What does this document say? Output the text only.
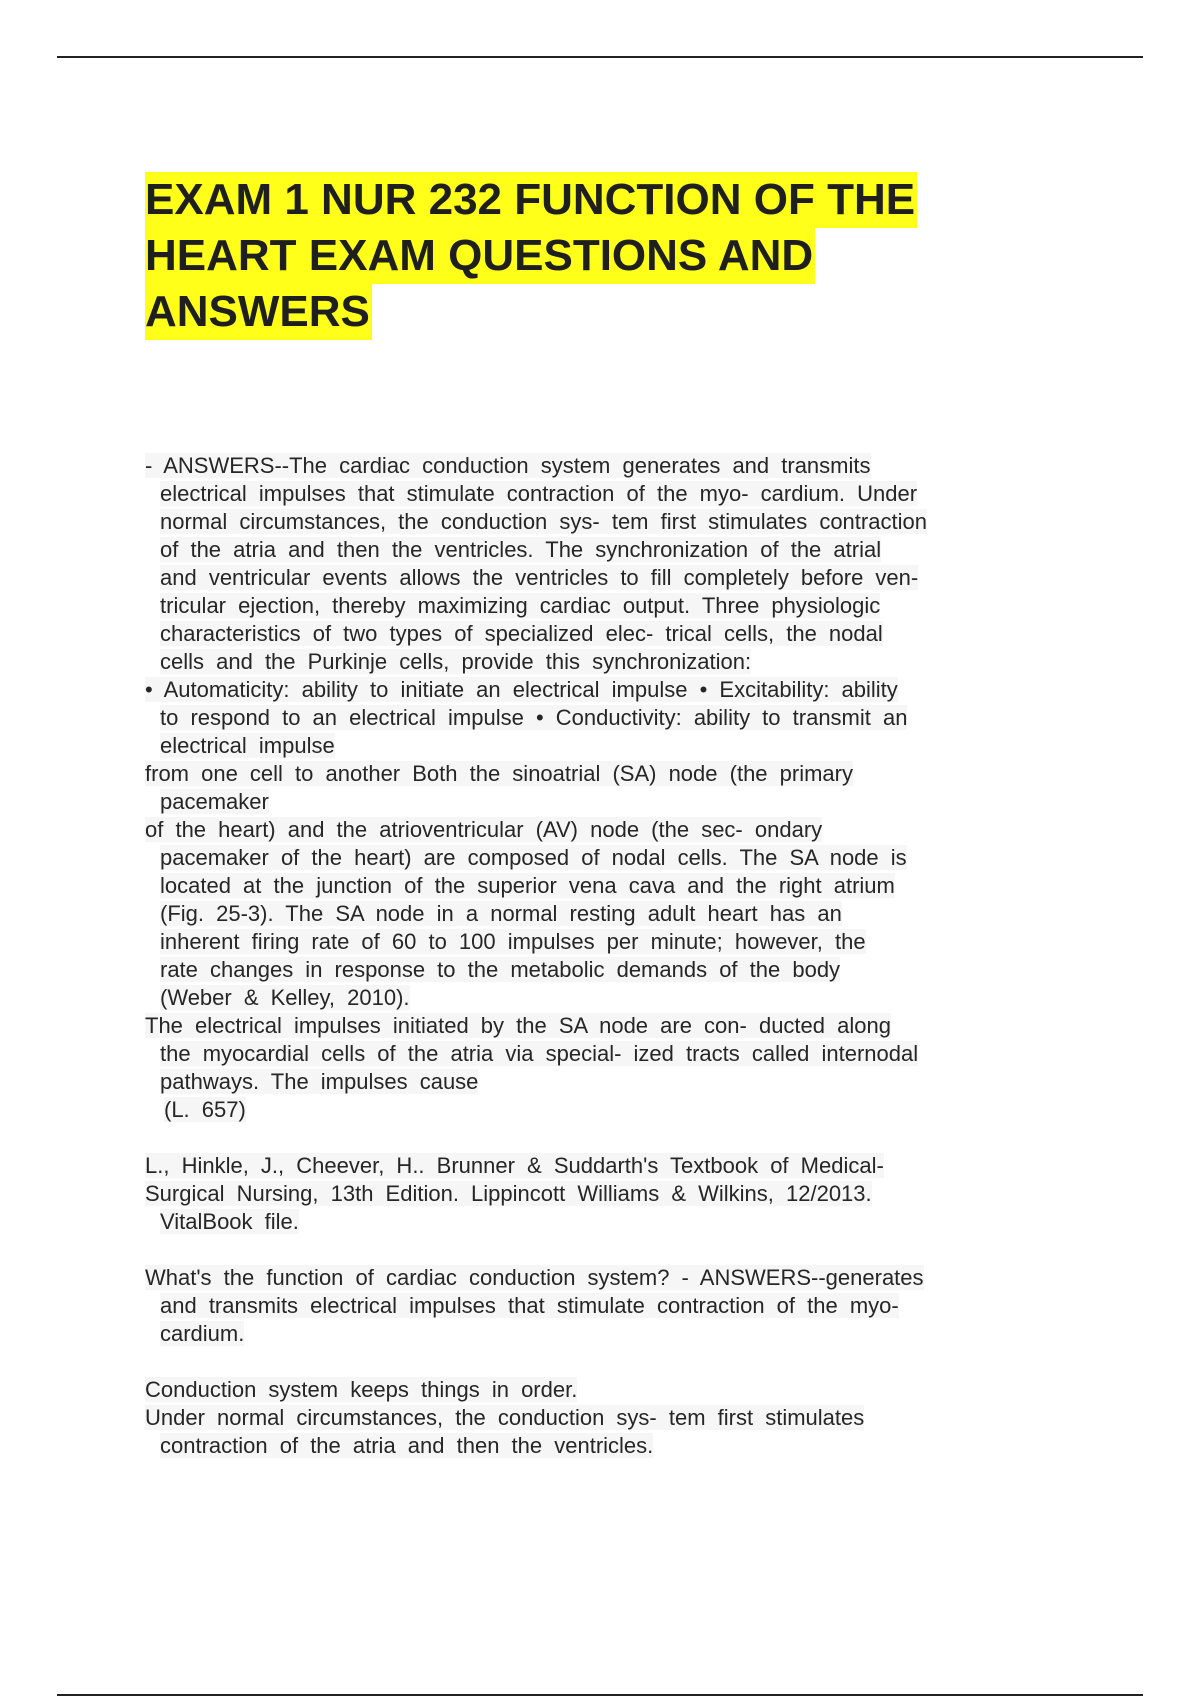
EXAM 1 NUR 232 FUNCTION OF THE
HEART EXAM QUESTIONS AND
ANSWERS
- ANSWERS--The cardiac conduction system generates and transmits
electrical impulses that stimulate contraction of the myo- cardium. Under
normal circumstances, the conduction sys- tem first stimulates contraction
of the atria and then the ventricles. The synchronization of the atrial
and ventricular events allows the ventricles to fill completely before ven-
tricular ejection, thereby maximizing cardiac output. Three physiologic
characteristics of two types of specialized elec- trical cells, the nodal
cells and the Purkinje cells, provide this synchronization:
• Automaticity: ability to initiate an electrical impulse • Excitability: ability
to respond to an electrical impulse • Conductivity: ability to transmit an
electrical impulse
from one cell to another Both the sinoatrial (SA) node (the primary
pacemaker
of the heart) and the atrioventricular (AV) node (the sec- ondary
pacemaker of the heart) are composed of nodal cells. The SA node is
located at the junction of the superior vena cava and the right atrium
(Fig. 25-3). The SA node in a normal resting adult heart has an
inherent firing rate of 60 to 100 impulses per minute; however, the
rate changes in response to the metabolic demands of the body
(Weber & Kelley, 2010).
The electrical impulses initiated by the SA node are con- ducted along
the myocardial cells of the atria via special- ized tracts called internodal
pathways. The impulses cause
(L. 657)
L., Hinkle, J., Cheever, H.. Brunner & Suddarth's Textbook of Medical-
Surgical Nursing, 13th Edition. Lippincott Williams & Wilkins, 12/2013.
VitalBook file.
What's the function of cardiac conduction system? - ANSWERS--generates
and transmits electrical impulses that stimulate contraction of the myo-
cardium.
Conduction system keeps things in order.
Under normal circumstances, the conduction sys- tem first stimulates
contraction of the atria and then the ventricles.
